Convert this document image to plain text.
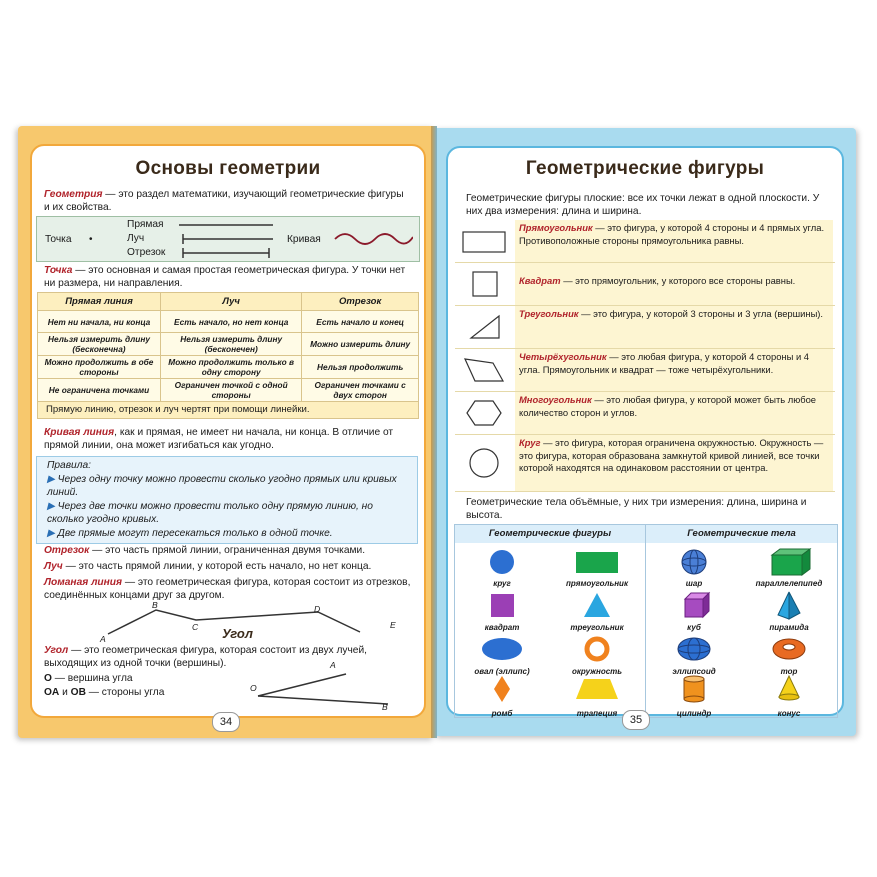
Основы геометрии
Геометрия — это раздел математики, изучающий геометрические фигуры и их свойства.
Точка •
Прямая
Луч
Отрезок
Кривая
Точка — это основная и самая простая геометрическая фигура. У точки нет ни размера, ни направления.
Прямая линия	Луч	Отрезок
Нет ни начала, ни конца	Есть начало, но нет конца	Есть начало и конец
Нельзя измерить длину (бесконечна)	Нельзя измерить длину (бесконечен)	Можно измерить длину
Можно продолжить в обе стороны	Можно продолжить только в одну сторону	Нельзя продолжить
Не ограничена точками	Ограничен точкой с одной стороны	Ограничен точками с двух сторон
Прямую линию, отрезок и луч чертят при помощи линейки.		
Кривая линия, как и прямая, не имеет ни начала, ни конца. В отличие от прямой линии, она может изгибаться как угодно.
Правила:
▶ Через одну точку можно провести сколько угодно прямых или кривых линий.
▶ Через две точки можно провести только одну прямую линию, но сколько угодно кривых.
▶ Две прямые могут пересекаться только в одной точке.
Отрезок — это часть прямой линии, ограниченная двумя точками.
Луч — это часть прямой линии, у которой есть начало, но нет конца.
Ломаная линия — это геометрическая фигура, которая состоит из отрезков, соединённых концами друг за другом.
A
B
C
D
E
Угол
Угол — это геометрическая фигура, которая состоит из двух лучей, выходящих из одной точки (вершины).
O — вершина угла
OA и OB — стороны угла	O
A
B
34
Геометрические фигуры
Геометрические фигуры плоские: все их точки лежат в одной плоскости. У них два измерения: длина и ширина.
Прямоугольник — это фигура, у которой 4 стороны и 4 прямых угла. Противоположные стороны прямоугольника равны.
Квадрат — это прямоугольник, у которого все стороны равны.
Треугольник — это фигура, у которой 3 стороны и 3 угла (вершины).
Четырёхугольник — это любая фигура, у которой 4 стороны и 4 угла. Прямоугольник и квадрат — тоже четырёхугольники.
Многоугольник — это любая фигура, у которой может быть любое количество сторон и углов.
Круг — это фигура, которая ограничена окружностью. Окружность — это фигура, которая образована замкнутой кривой линией, все точки которой находятся на одинаковом расстоянии от центра.
Геометрические тела объёмные, у них три измерения: длина, ширина и высота.
Геометрические фигуры	Геометрические тела
круг	прямоугольник	шар	параллелепипед
квадрат	треугольник	куб	пирамида
овал (эллипс)	окружность	эллипсоид	тор
ромб	трапеция	цилиндр	конус
35
